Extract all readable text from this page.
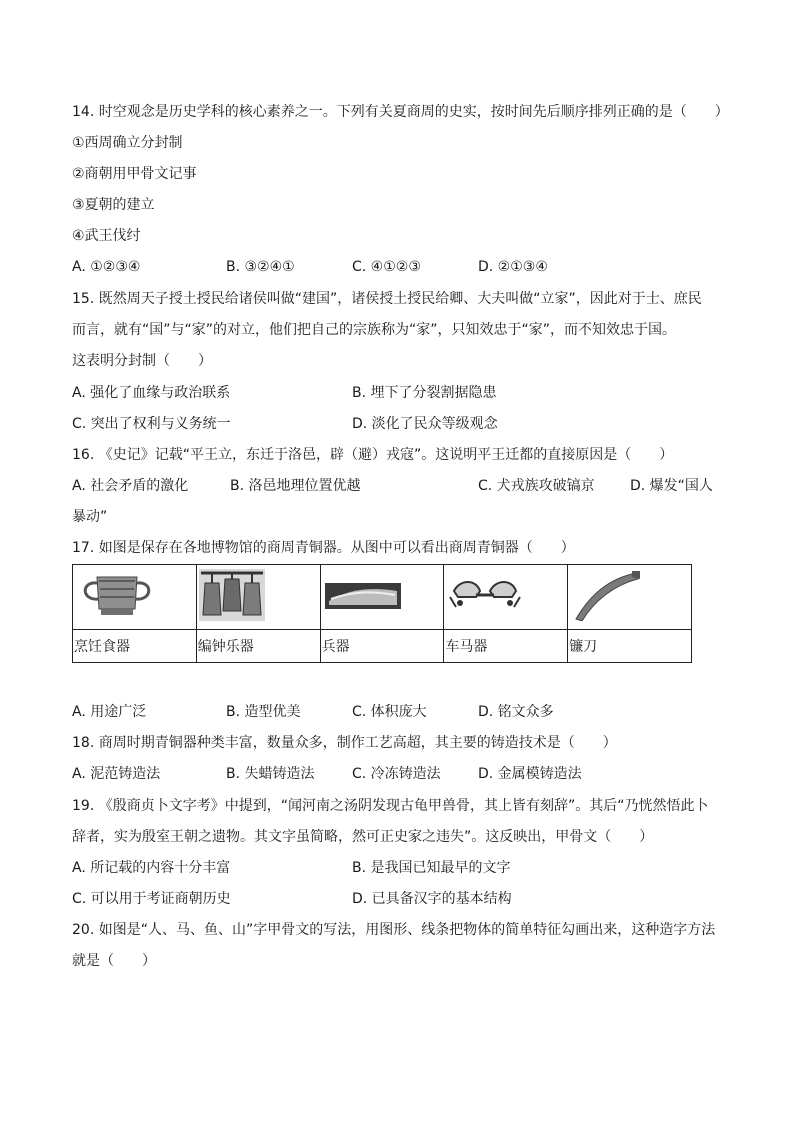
14. 时空观念是历史学科的核心素养之一。下列有关夏商周的史实，按时间先后顺序排列正确的是（　　）
①西周确立分封制
②商朝用甲骨文记事
③夏朝的建立
④武王伐纣
A. ①②③④	B. ③②④①	C. ④①②③	D. ②①③④
15. 既然周天子授土授民给诸侯叫做“建国”，诸侯授土授民给卿、大夫叫做“立家”，因此对于士、庶民
而言，就有“国”与“家”的对立，他们把自己的宗族称为“家”，只知效忠于“家”，而不知效忠于国。
这表明分封制（　　）
A. 强化了血缘与政治联系	B. 埋下了分裂割据隐患
C. 突出了权利与义务统一	D. 淡化了民众等级观念
16. 《史记》记载“平王立，东迁于洛邑，辟（避）戎寇”。这说明平王迁都的直接原因是（　　）
A. 社会矛盾的激化	B. 洛邑地理位置优越	C. 犬戎族攻破镐京	D. 爆发“国人
暴动”
17. 如图是保存在各地博物馆的商周青铜器。从图中可以看出商周青铜器（　　）

烹饪食器	编钟乐器	兵器	车马器	镰刀
A. 用途广泛	B. 造型优美	C. 体积庞大	D. 铭文众多
18. 商周时期青铜器种类丰富，数量众多，制作工艺高超，其主要的铸造技术是（　　）
A. 泥范铸造法	B. 失蜡铸造法	C. 冷冻铸造法	D. 金属模铸造法
19. 《殷商贞卜文字考》中提到，“闻河南之汤阴发现古龟甲兽骨，其上皆有刻辞”。其后“乃恍然悟此卜
辞者，实为殷室王朝之遗物。其文字虽简略，然可正史家之违失”。这反映出，甲骨文（　　）
A. 所记载的内容十分丰富	B. 是我国已知最早的文字
C. 可以用于考证商朝历史	D. 已具备汉字的基本结构
20. 如图是“人、马、鱼、山”字甲骨文的写法，用图形、线条把物体的简单特征勾画出来，这种造字方法
就是（　　）
